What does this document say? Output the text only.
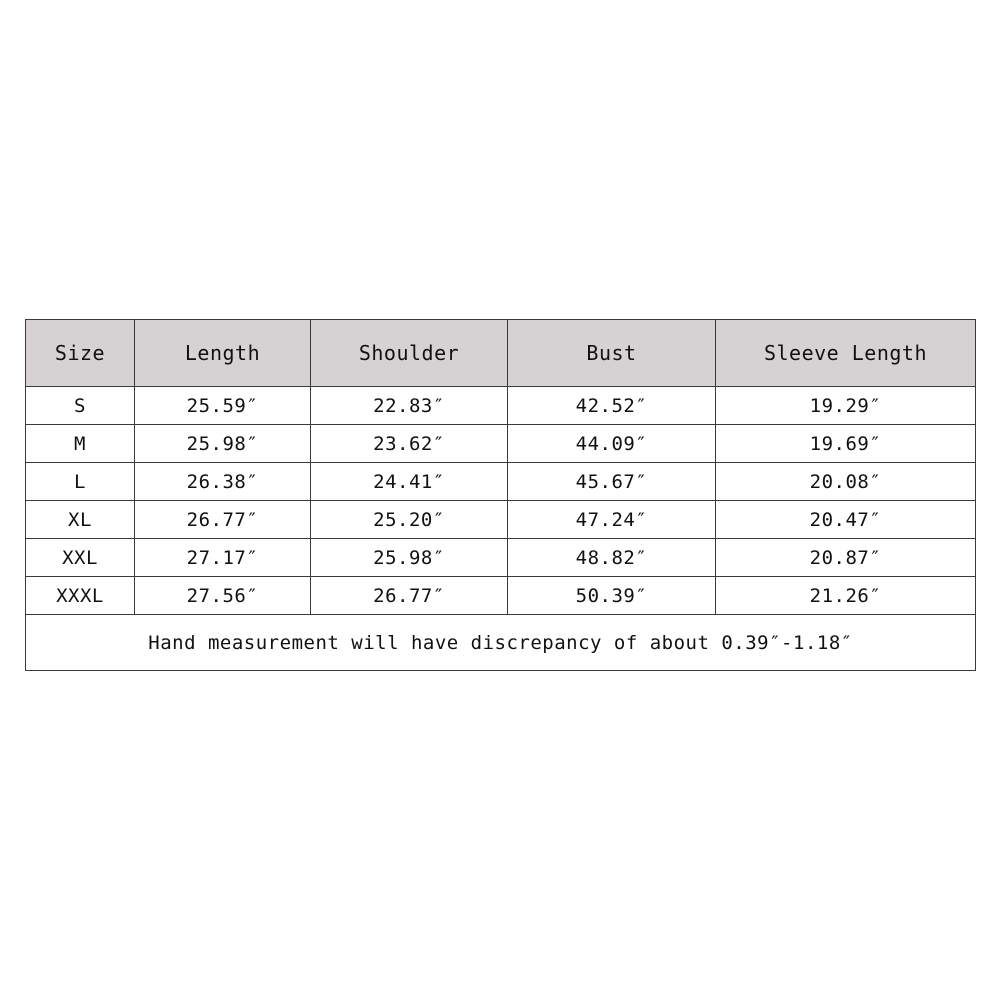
Size	Length	Shoulder	Bust	Sleeve Length
S	25.59″	22.83″	42.52″	19.29″
M	25.98″	23.62″	44.09″	19.69″
L	26.38″	24.41″	45.67″	20.08″
XL	26.77″	25.20″	47.24″	20.47″
XXL	27.17″	25.98″	48.82″	20.87″
XXXL	27.56″	26.77″	50.39″	21.26″
Hand measurement will have discrepancy of about 0.39″-1.18″				
